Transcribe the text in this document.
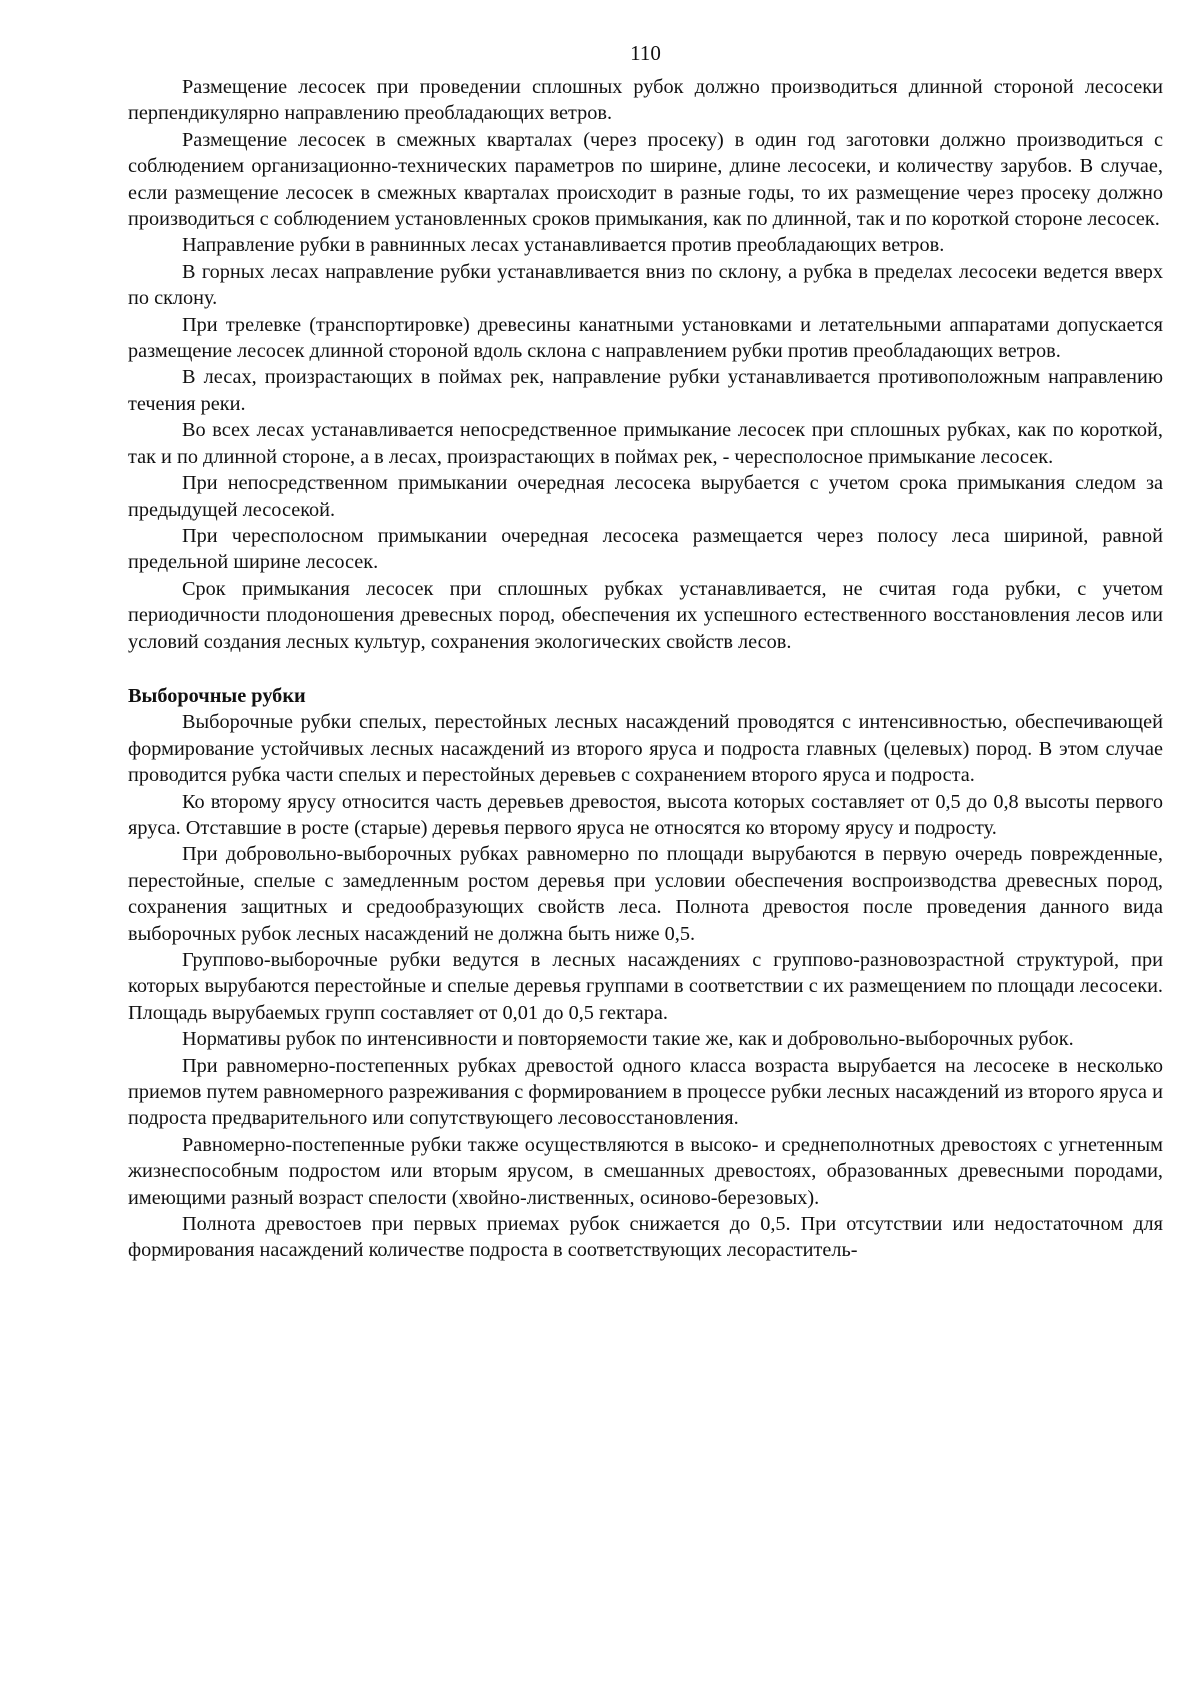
110

Размещение лесосек при проведении сплошных рубок должно производиться длинной стороной лесосеки перпендикулярно направлению преобладающих ветров.

Размещение лесосек в смежных кварталах (через просеку) в один год заготовки должно производиться с соблюдением организационно-технических параметров по ширине, длине лесосеки, и количеству зарубов. В случае, если размещение лесосек в смежных кварталах происходит в разные годы, то их размещение через просеку должно производиться с соблюдением установленных сроков примыкания, как по длинной, так и по короткой стороне лесосек.

Направление рубки в равнинных лесах устанавливается против преобладающих ветров.

В горных лесах направление рубки устанавливается вниз по склону, а рубка в пределах лесосеки ведется вверх по склону.

При трелевке (транспортировке) древесины канатными установками и летательными аппаратами допускается размещение лесосек длинной стороной вдоль склона с направлением рубки против преобладающих ветров.

В лесах, произрастающих в поймах рек, направление рубки устанавливается противоположным направлению течения реки.

Во всех лесах устанавливается непосредственное примыкание лесосек при сплошных рубках, как по короткой, так и по длинной стороне, а в лесах, произрастающих в поймах рек, - чересполосное примыкание лесосек.

При непосредственном примыкании очередная лесосека вырубается с учетом срока примыкания следом за предыдущей лесосекой.

При чересполосном примыкании очередная лесосека размещается через полосу леса шириной, равной предельной ширине лесосек.

Срок примыкания лесосек при сплошных рубках устанавливается, не считая года рубки, с учетом периодичности плодоношения древесных пород, обеспечения их успешного естественного восстановления лесов или условий создания лесных культур, сохранения экологических свойств лесов.

Выборочные рубки

Выборочные рубки спелых, перестойных лесных насаждений проводятся с интенсивностью, обеспечивающей формирование устойчивых лесных насаждений из второго яруса и подроста главных (целевых) пород. В этом случае проводится рубка части спелых и перестойных деревьев с сохранением второго яруса и подроста.

Ко второму ярусу относится часть деревьев древостоя, высота которых составляет от 0,5 до 0,8 высоты первого яруса. Отставшие в росте (старые) деревья первого яруса не относятся ко второму ярусу и подросту.

При добровольно-выборочных рубках равномерно по площади вырубаются в первую очередь поврежденные, перестойные, спелые с замедленным ростом деревья при условии обеспечения воспроизводства древесных пород, сохранения защитных и средообразующих свойств леса. Полнота древостоя после проведения данного вида выборочных рубок лесных насаждений не должна быть ниже 0,5.

Группово-выборочные рубки ведутся в лесных насаждениях с группово-разновозрастной структурой, при которых вырубаются перестойные и спелые деревья группами в соответствии с их размещением по площади лесосеки. Площадь вырубаемых групп составляет от 0,01 до 0,5 гектара.

Нормативы рубок по интенсивности и повторяемости такие же, как и добровольно-выборочных рубок.

При равномерно-постепенных рубках древостой одного класса возраста вырубается на лесосеке в несколько приемов путем равномерного разреживания с формированием в процессе рубки лесных насаждений из второго яруса и подроста предварительного или сопутствующего лесовосстановления.

Равномерно-постепенные рубки также осуществляются в высоко- и среднеполнотных древостоях с угнетенным жизнеспособным подростом или вторым ярусом, в смешанных древостоях, образованных древесными породами, имеющими разный возраст спелости (хвойно-лиственных, осиново-березовых).

Полнота древостоев при первых приемах рубок снижается до 0,5. При отсутствии или недостаточном для формирования насаждений количестве подроста в соответствующих лесораститель-
